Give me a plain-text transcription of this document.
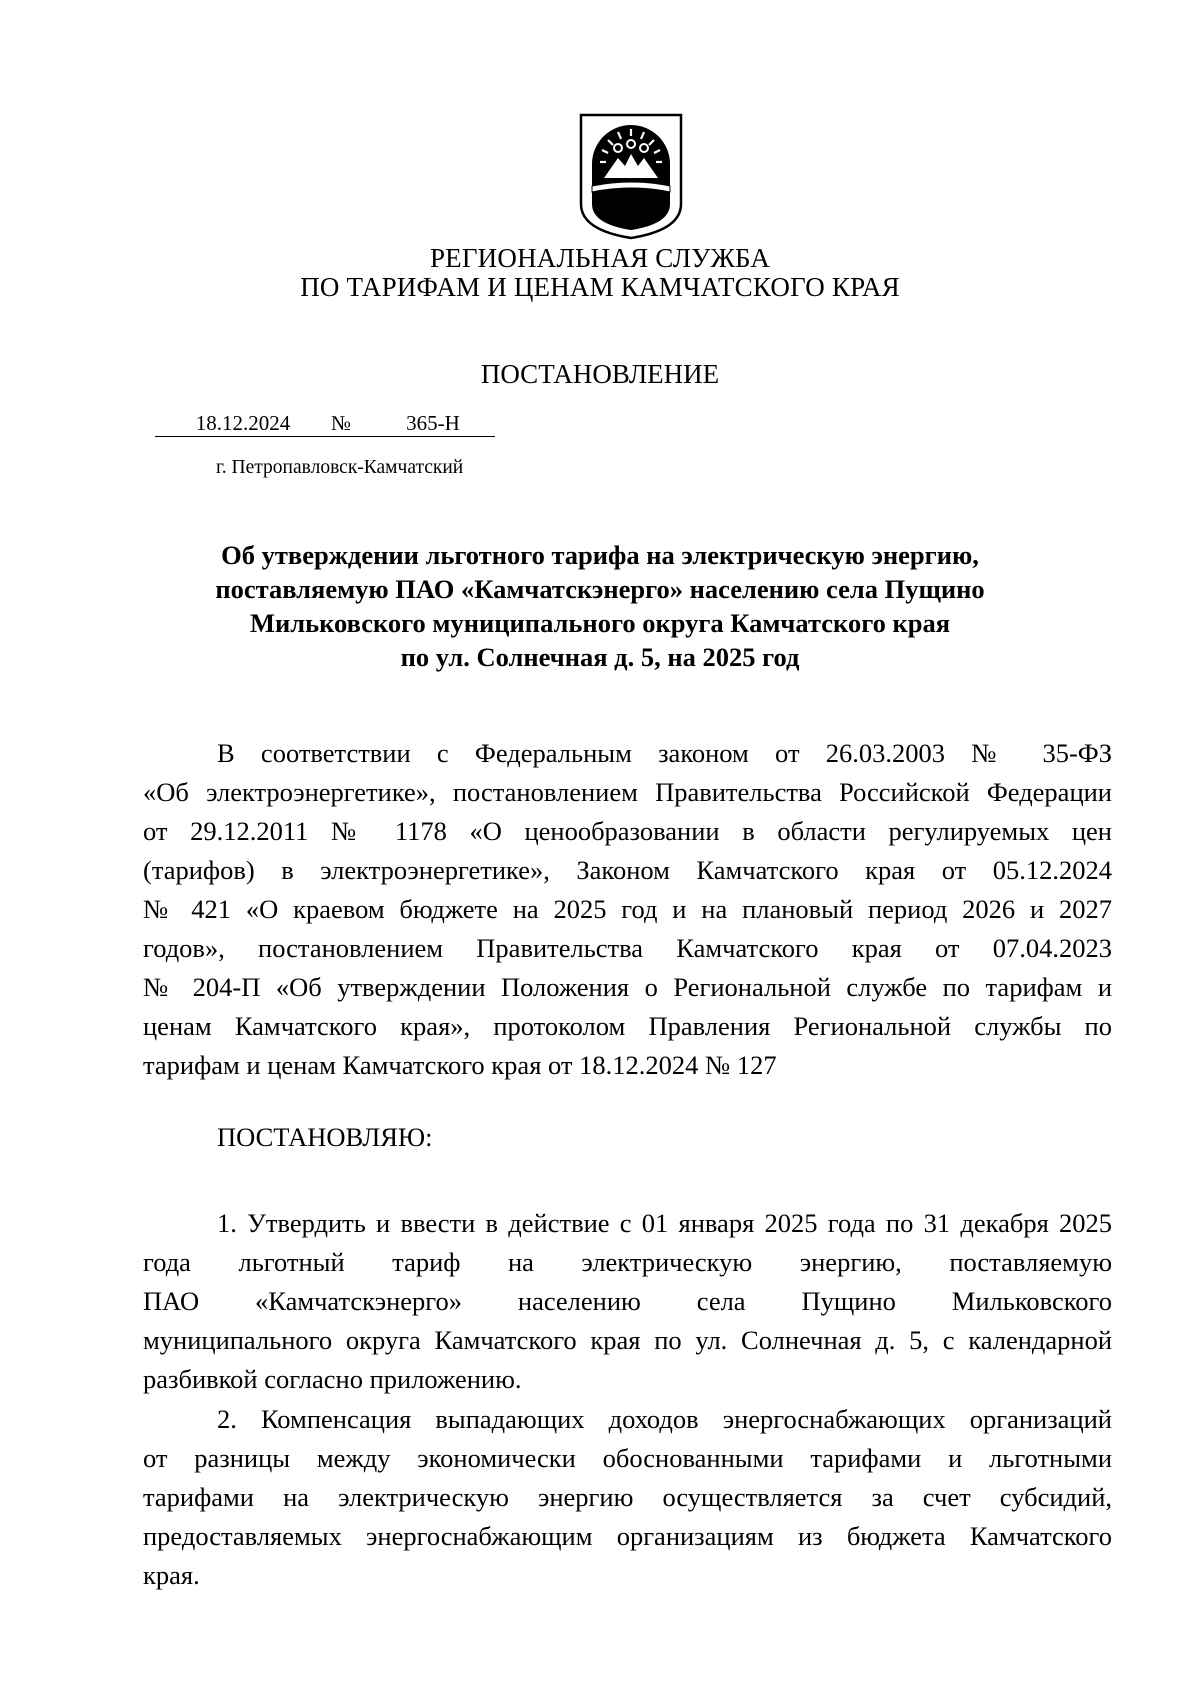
РЕГИОНАЛЬНАЯ СЛУЖБА
ПО ТАРИФАМ И ЦЕНАМ КАМЧАТСКОГО КРАЯ
ПОСТАНОВЛЕНИЕ
18.12.2024 №	365-Н
г. Петропавловск-Камчатский
Об утверждении льготного тарифа на электрическую энергию,
поставляемую ПАО «Камчатскэнерго» населению села Пущино
Мильковского муниципального округа Камчатского края
по ул. Солнечная д. 5, на 2025 год
В соответствии с Федеральным законом от 26.03.2003 № 35-ФЗ
«Об электроэнергетике», постановлением Правительства Российской Федерации
от 29.12.2011 № 1178 «О ценообразовании в области регулируемых цен
(тарифов) в электроэнергетике», Законом Камчатского края от 05.12.2024
№ 421 «О краевом бюджете на 2025 год и на плановый период 2026 и 2027
годов», постановлением Правительства Камчатского края от 07.04.2023
№ 204-П «Об утверждении Положения о Региональной службе по тарифам и
ценам Камчатского края», протоколом Правления Региональной службы по
тарифам и ценам Камчатского края от 18.12.2024 № 127
ПОСТАНОВЛЯЮ:
1. Утвердить и ввести в действие с 01 января 2025 года по 31 декабря 2025
года льготный тариф на электрическую энергию, поставляемую
ПАО «Камчатскэнерго» населению села Пущино Мильковского
муниципального округа Камчатского края по ул. Солнечная д. 5, с календарной
разбивкой согласно приложению.
2. Компенсация выпадающих доходов энергоснабжающих организаций
от разницы между экономически обоснованными тарифами и льготными
тарифами на электрическую энергию осуществляется за счет субсидий,
предоставляемых энергоснабжающим организациям из бюджета Камчатского
края.
